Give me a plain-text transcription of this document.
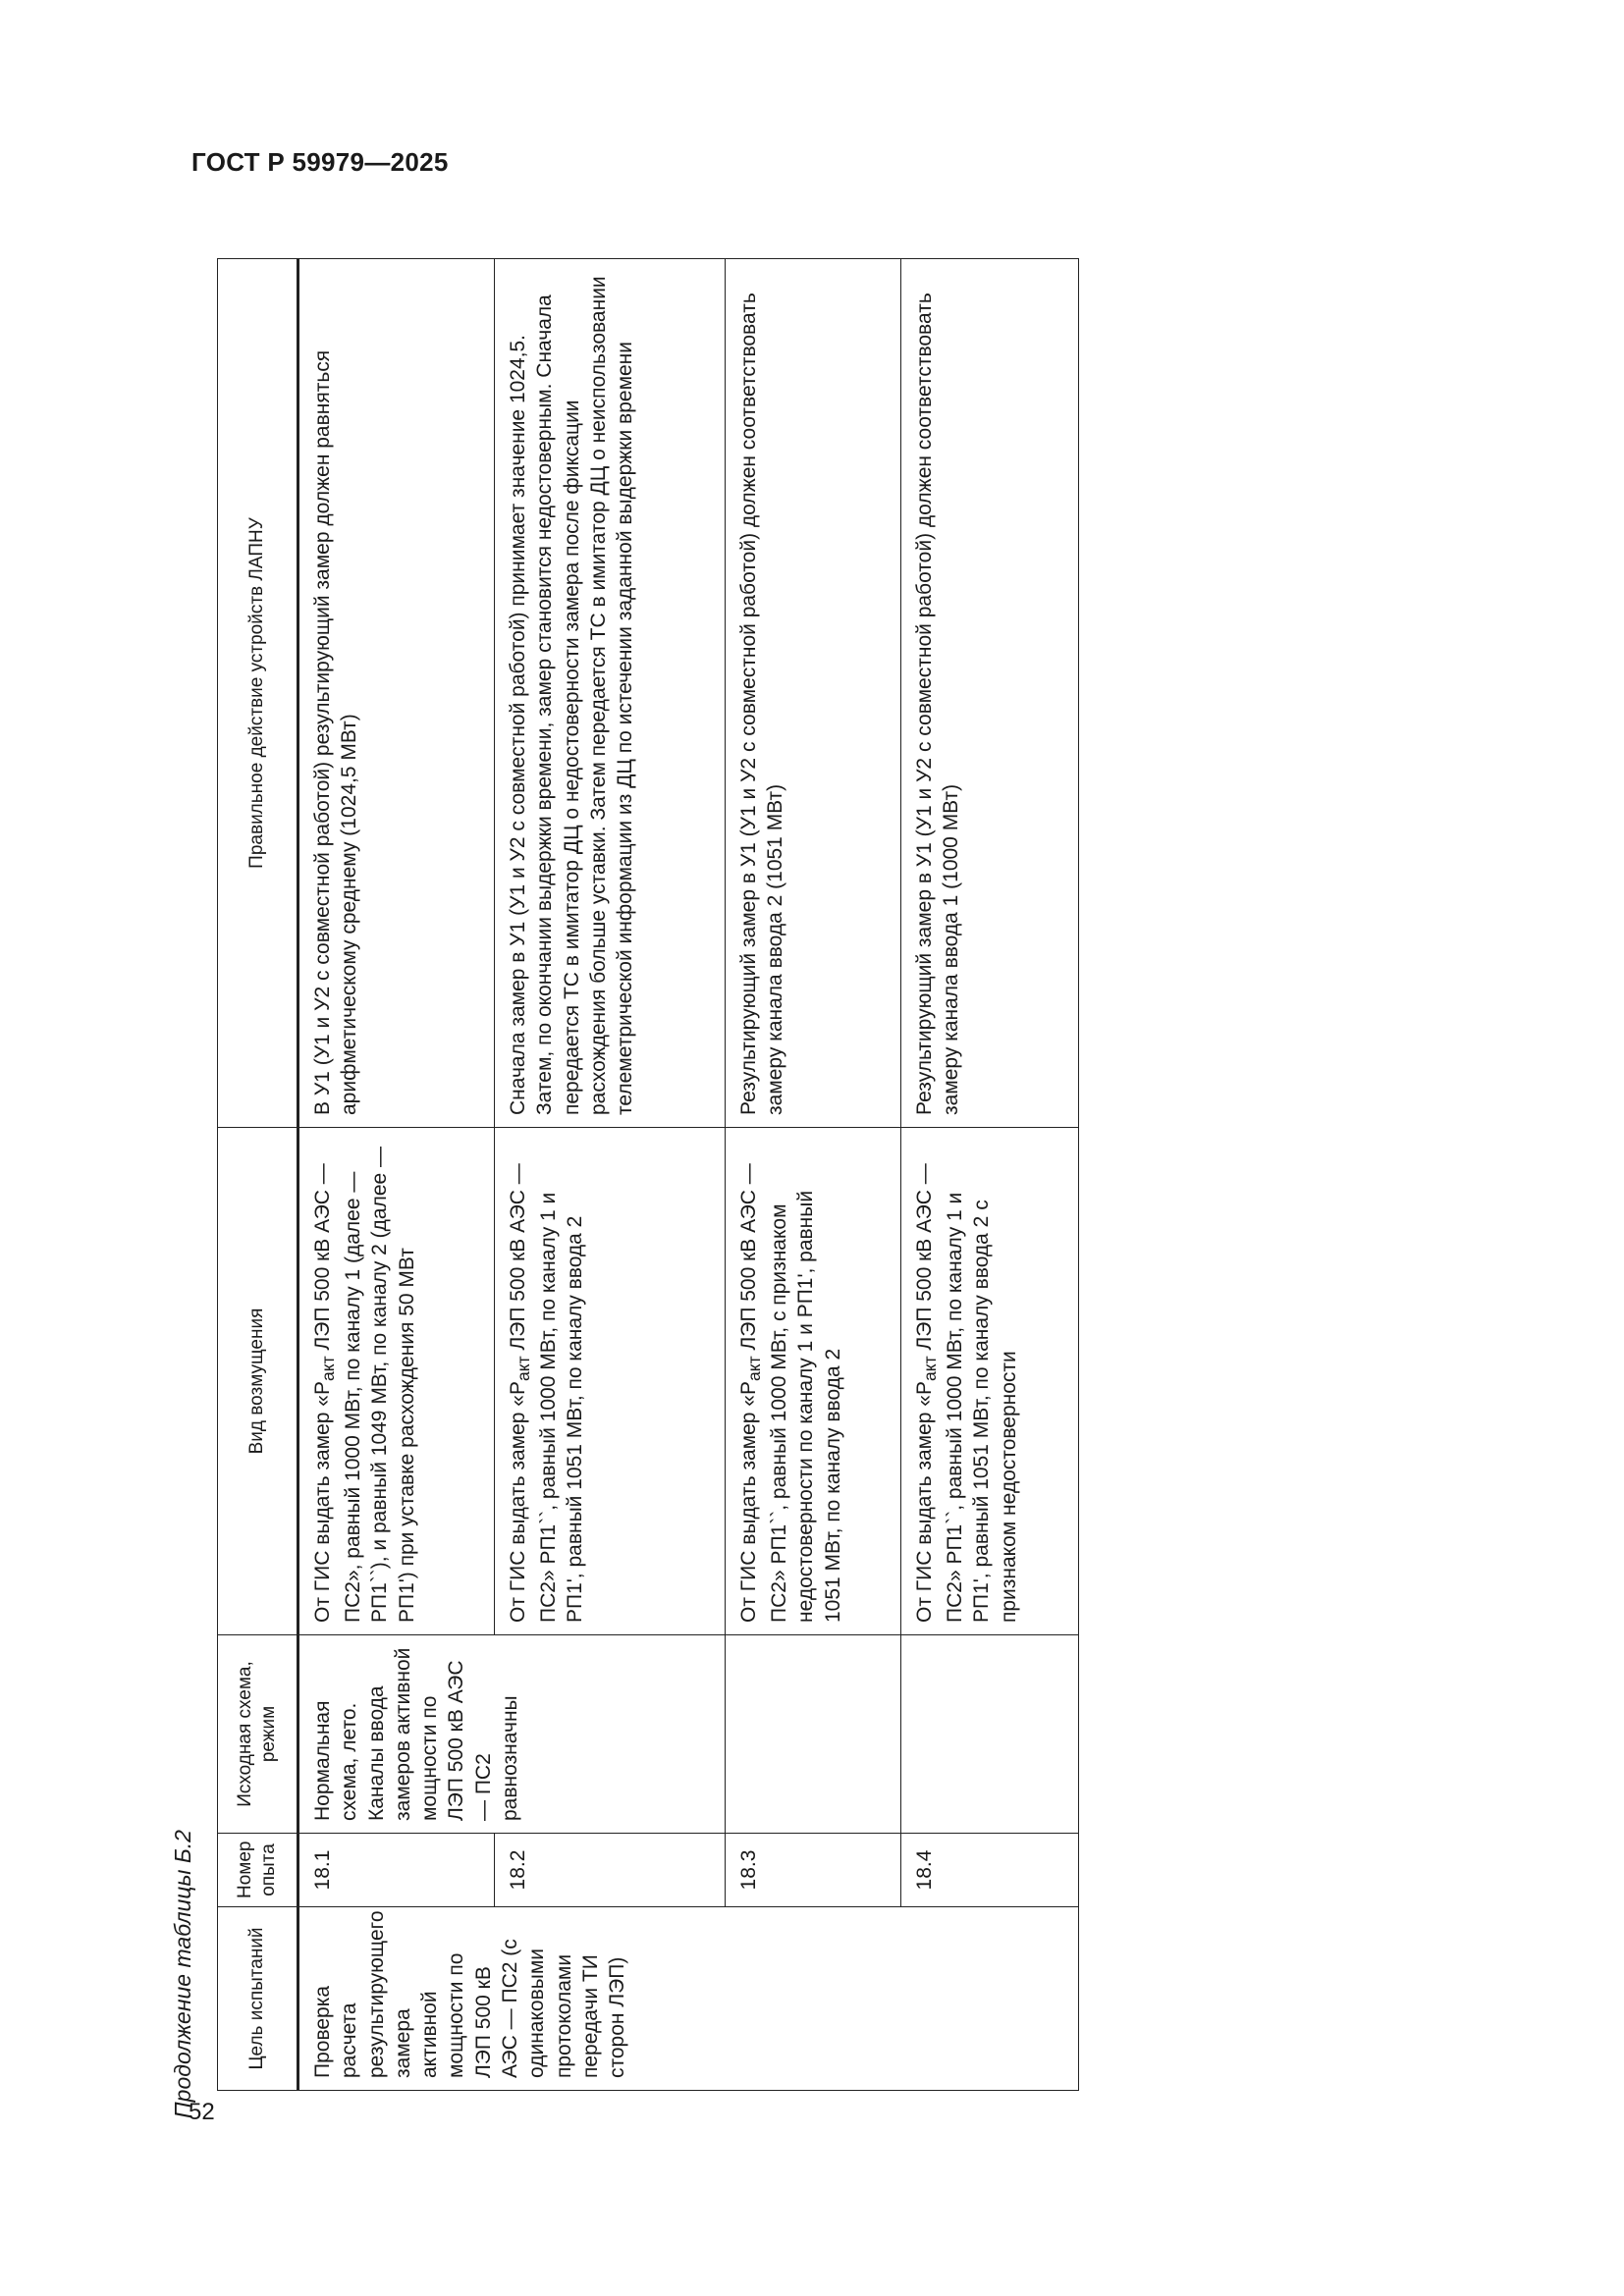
ГОСТ Р 59979—2025
52
Продолжение таблицы Б.2	Цель испытаний	Номер опыта	Исходная схема, режим	Вид возмущения	Правильное действие устройств ЛАПНУ
Проверка расчета результирующего замера активной мощности по ЛЭП 500 кВ АЭС — ПС2 (с одинаковыми протоколами передачи ТИ сторон ЛЭП)	18.1	Нормальная схема, лето. Каналы ввода замеров активной мощности по ЛЭП 500 кВ АЭС — ПС2 равнозначны	От ГИС выдать замер «$P_{акт}$ ЛЭП 500 кВ АЭС — ПС2», равный 1000 МВт, по каналу 1 (далее — РП1``), и равный 1049 МВт, по каналу 2 (далее — РП1') при уставке расхождения 50 МВт	В У1 (У1 и У2 с совместной работой) результирующий замер должен равняться арифметическому среднему (1024,5 МВт)
	18.2		От ГИС выдать замер «$P_{акт}$ ЛЭП 500 кВ АЭС — ПС2» РП1``, равный 1000 МВт, по каналу 1 и РП1', равный 1051 МВт, по каналу ввода 2	Сначала замер в У1 (У1 и У2 с совместной работой) принимает значение 1024,5. Затем, по окончании выдержки времени, замер становится недостоверным. Сначала передается ТС в имитатор ДЦ о недостоверности замера после фиксации расхождения больше уставки. Затем передается ТС в имитатор ДЦ о неиспользовании телеметрической информации из ДЦ по истечении заданной выдержки времени
	18.3		От ГИС выдать замер «$P_{акт}$ ЛЭП 500 кВ АЭС — ПС2» РП1``, равный 1000 МВт, с признаком недостоверности по каналу 1 и РП1', равный 1051 МВт, по каналу ввода 2	Результирующий замер в У1 (У1 и У2 с совместной работой) должен соответствовать замеру канала ввода 2 (1051 МВт)
	18.4		От ГИС выдать замер «$P_{акт}$ ЛЭП 500 кВ АЭС — ПС2» РП1``, равный 1000 МВт, по каналу 1 и РП1', равный 1051 МВт, по каналу ввода 2 с признаком недостоверности	Результирующий замер в У1 (У1 и У2 с совместной работой) должен соответствовать замеру канала ввода 1 (1000 МВт)
